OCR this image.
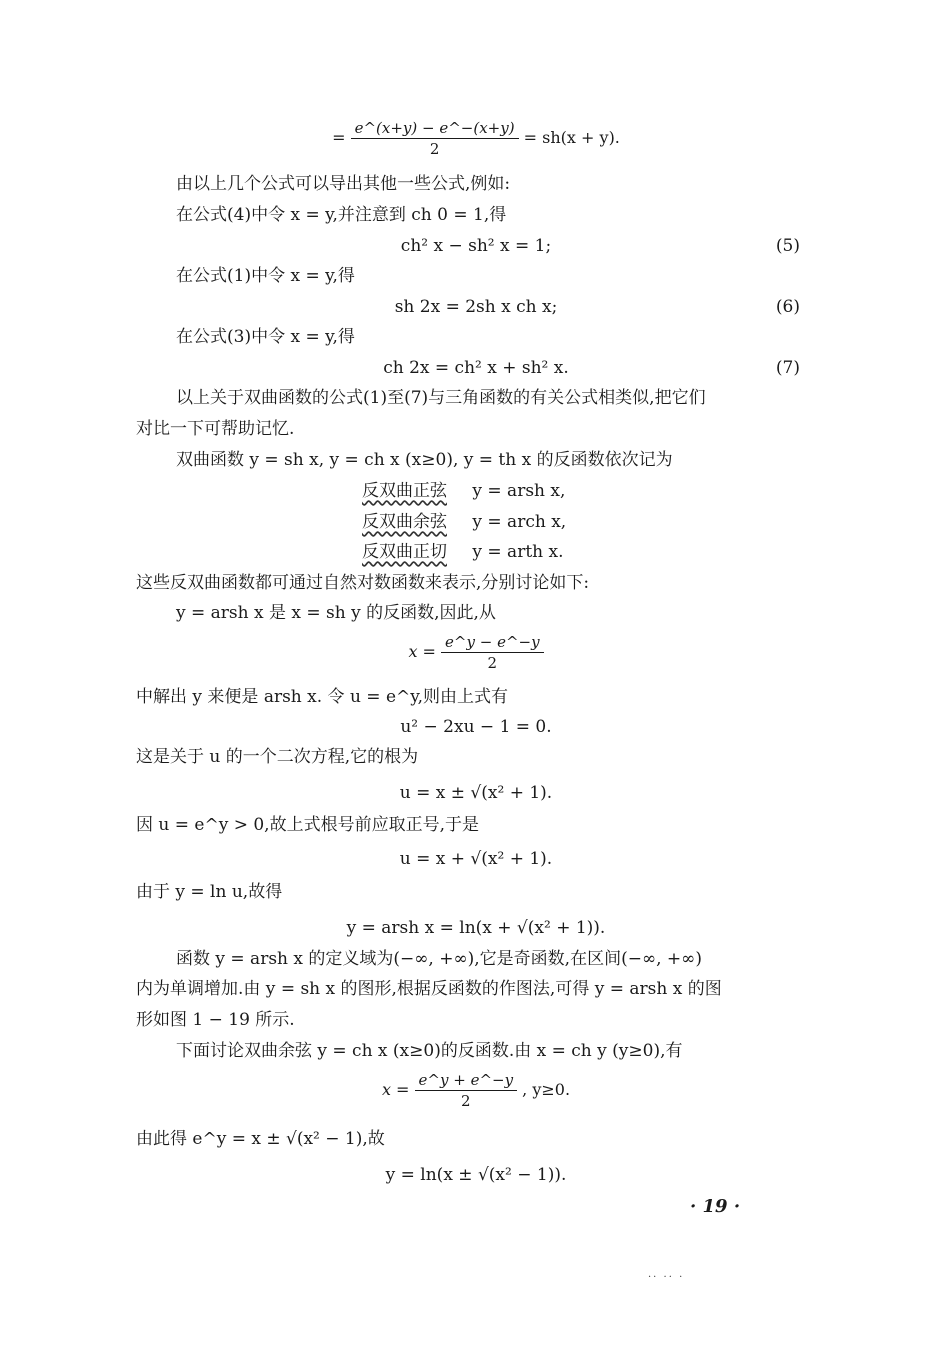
= $\frac{e\^{}(x+y) - e\^{}-(x+y)}{2} = sh(x + y)$.
由以上几个公式可以导出其他一些公式,例如:
在公式(4)中令 x = y,并注意到 ch 0 = 1,得
ch² x − sh² x = 1;	(5)
在公式(1)中令 x = y,得
sh 2x = 2sh x ch x;	(6)
在公式(3)中令 x = y,得
ch 2x = ch² x + sh² x.	(7)
以上关于双曲函数的公式(1)至(7)与三角函数的有关公式相类似,把它们
对比一下可帮助记忆.
双曲函数 y = sh x, y = ch x (x≥0), y = th x 的反函数依次记为
反双曲正弦 y = arsh x,
反双曲余弦 y = arch x,
反双曲正切 y = arth x.
这些反双曲函数都可通过自然对数函数来表示,分别讨论如下:
y = arsh x 是 x = sh y 的反函数,因此,从
$x = \frac{e\^{}y - e\^{}-y}{2}$
中解出 y 来便是 arsh x. 令 u = e^y,则由上式有
u² − 2xu − 1 = 0.
这是关于 u 的一个二次方程,它的根为
u = x ± √(x² + 1).
因 u = e^y > 0,故上式根号前应取正号,于是
u = x + √(x² + 1).
由于 y = ln u,故得
y = arsh x = ln(x + √(x² + 1)).
函数 y = arsh x 的定义域为(−∞, +∞),它是奇函数,在区间(−∞, +∞)
内为单调增加.由 y = sh x 的图形,根据反函数的作图法,可得 y = arsh x 的图
形如图 1 − 19 所示.
下面讨论双曲余弦 y = ch x (x≥0)的反函数.由 x = ch y (y≥0),有
$x = \frac{e\^{}y + e\^{}-y}{2}$ , y≥0.
由此得 e^y = x ± √(x² − 1),故
y = ln(x ± √(x² − 1)).
· 19 ·
·· ·· ·
